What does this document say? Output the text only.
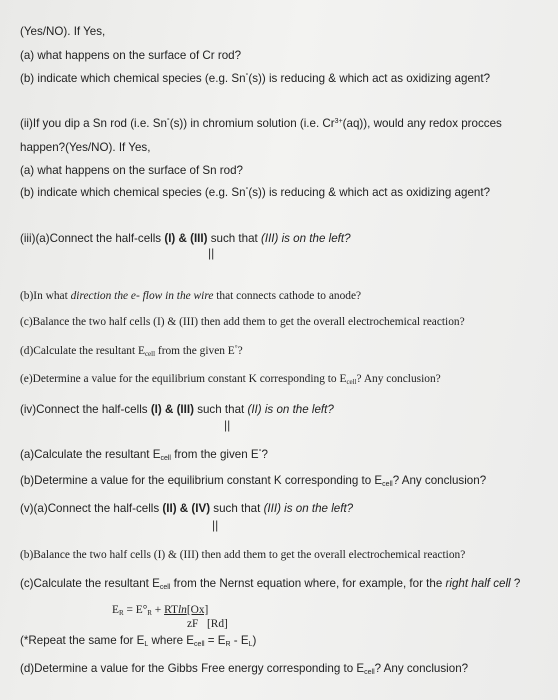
(Yes/NO). If Yes,
(a) what happens on the surface of Cr rod?
(b) indicate which chemical species (e.g. Sn°(s)) is reducing & which act as oxidizing agent?
(ii)If you dip a Sn rod (i.e. Sn°(s)) in chromium solution (i.e. $Cr^{3+}(aq)$), would any redox procces
happen?(Yes/NO). If Yes,
(a) what happens on the surface of Sn rod?
(b) indicate which chemical species (e.g. Sn°(s)) is reducing & which act as oxidizing agent?
(iii)(a)Connect the half-cells (I) & (III) such that (III) is on the left?
||
(b)In what direction the e- flow in the wire that connects cathode to anode?
(c)Balance the two half cells (I) & (III) then add them to get the overall electrochemical reaction?
(d)Calculate the resultant $E_{cell}$ from the given E°?
(e)Determine a value for the equilibrium constant K corresponding to $E_{cell}$? Any conclusion?
(iv)Connect the half-cells (I) & (III) such that (II) is on the left?
||
(a)Calculate the resultant $E_{cell}$ from the given E°?
(b)Determine a value for the equilibrium constant K corresponding to $E_{cell}$? Any conclusion?
(v)(a)Connect the half-cells (II) & (IV) such that (III) is on the left?
||
(b)Balance the two half cells (I) & (III) then add them to get the overall electrochemical reaction?
(c)Calculate the resultant $E_{cell}$ from the Nernst equation where, for example, for the right half cell ?
$E_R = E^\circ_R + RTln[Ox]$
zF [Rd]
(*Repeat the same for $E_L$ where $E_{cell} = E_R - E_L$)
(d)Determine a value for the Gibbs Free energy corresponding to $E_{cell}$? Any conclusion?
